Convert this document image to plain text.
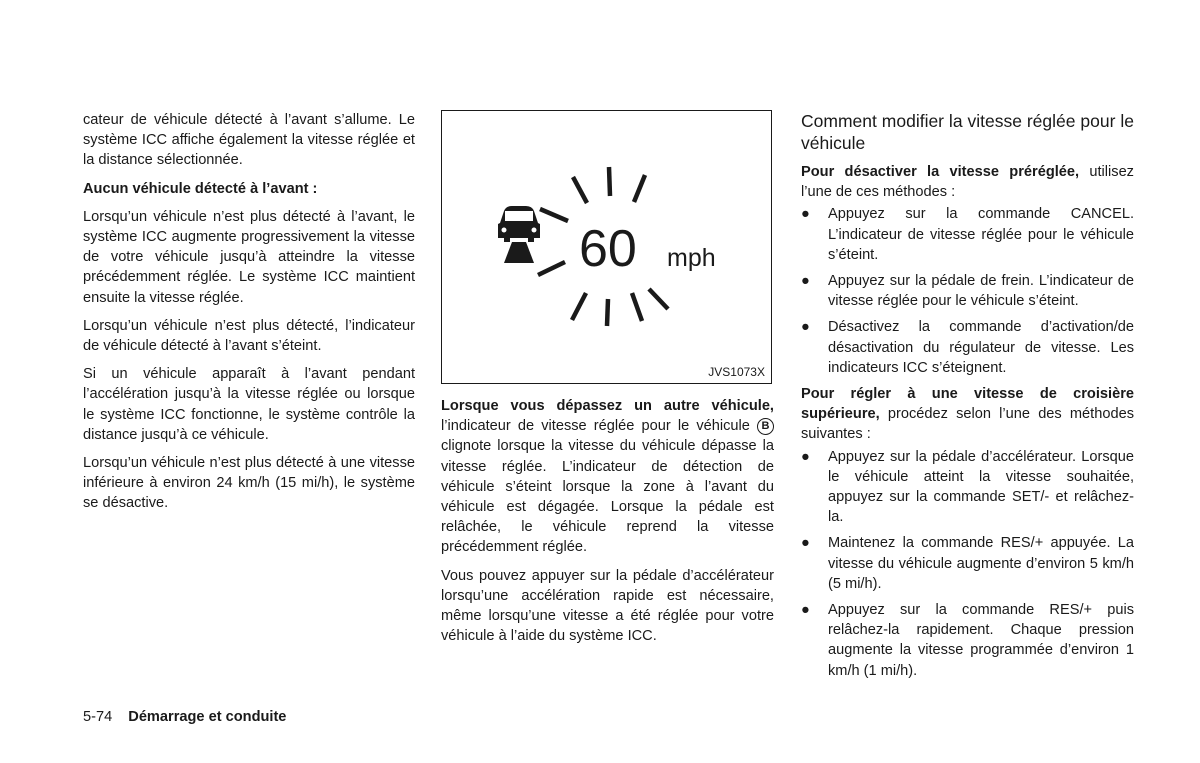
cateur de véhicule détecté à l’avant s’allume. Le système ICC affiche également la vitesse réglée et la distance sélectionnée.

Aucun véhicule détecté à l’avant :

Lorsqu’un véhicule n’est plus détecté à l’avant, le système ICC augmente progressivement la vitesse de votre véhicule jusqu’à atteindre la vitesse précédemment réglée. Le système ICC maintient ensuite la vitesse réglée.

Lorsqu’un véhicule n’est plus détecté, l’indicateur de véhicule détecté à l’avant s’éteint.

Si un véhicule apparaît à l’avant pendant l’accélération jusqu’à la vitesse réglée ou lorsque le système ICC fonctionne, le système contrôle la distance jusqu’à ce véhicule.

Lorsqu’un véhicule n’est plus détecté à une vitesse inférieure à environ 24 km/h (15 mi/h), le système se désactive.

60 mph
JVS1073X

Lorsque vous dépassez un autre véhicule, l’indicateur de vitesse réglée pour le véhicule B clignote lorsque la vitesse du véhicule dépasse la vitesse réglée. L’indicateur de détection de véhicule s’éteint lorsque la zone à l’avant du véhicule est dégagée. Lorsque la pédale est relâchée, le véhicule reprend la vitesse précédemment réglée.

Vous pouvez appuyer sur la pédale d’accélérateur lorsqu’une accélération rapide est nécessaire, même lorsqu’une vitesse a été réglée pour votre véhicule à l’aide du système ICC.

Comment modifier la vitesse réglée pour le véhicule

Pour désactiver la vitesse préréglée, utilisez l’une de ces méthodes :

● Appuyez sur la commande CANCEL. L’indicateur de vitesse réglée pour le véhicule s’éteint.
● Appuyez sur la pédale de frein. L’indicateur de vitesse réglée pour le véhicule s’éteint.
● Désactivez la commande d’activation/de désactivation du régulateur de vitesse. Les indicateurs ICC s’éteignent.

Pour régler à une vitesse de croisière supérieure, procédez selon l’une des méthodes suivantes :

● Appuyez sur la pédale d’accélérateur. Lorsque le véhicule atteint la vitesse souhaitée, appuyez sur la commande SET/- et relâchez-la.
● Maintenez la commande RES/+ appuyée. La vitesse du véhicule augmente d’environ 5 km/h (5 mi/h).
● Appuyez sur la commande RES/+ puis relâchez-la rapidement. Chaque pression augmente la vitesse programmée d’environ 1 km/h (1 mi/h).
5-74 Démarrage et conduite
